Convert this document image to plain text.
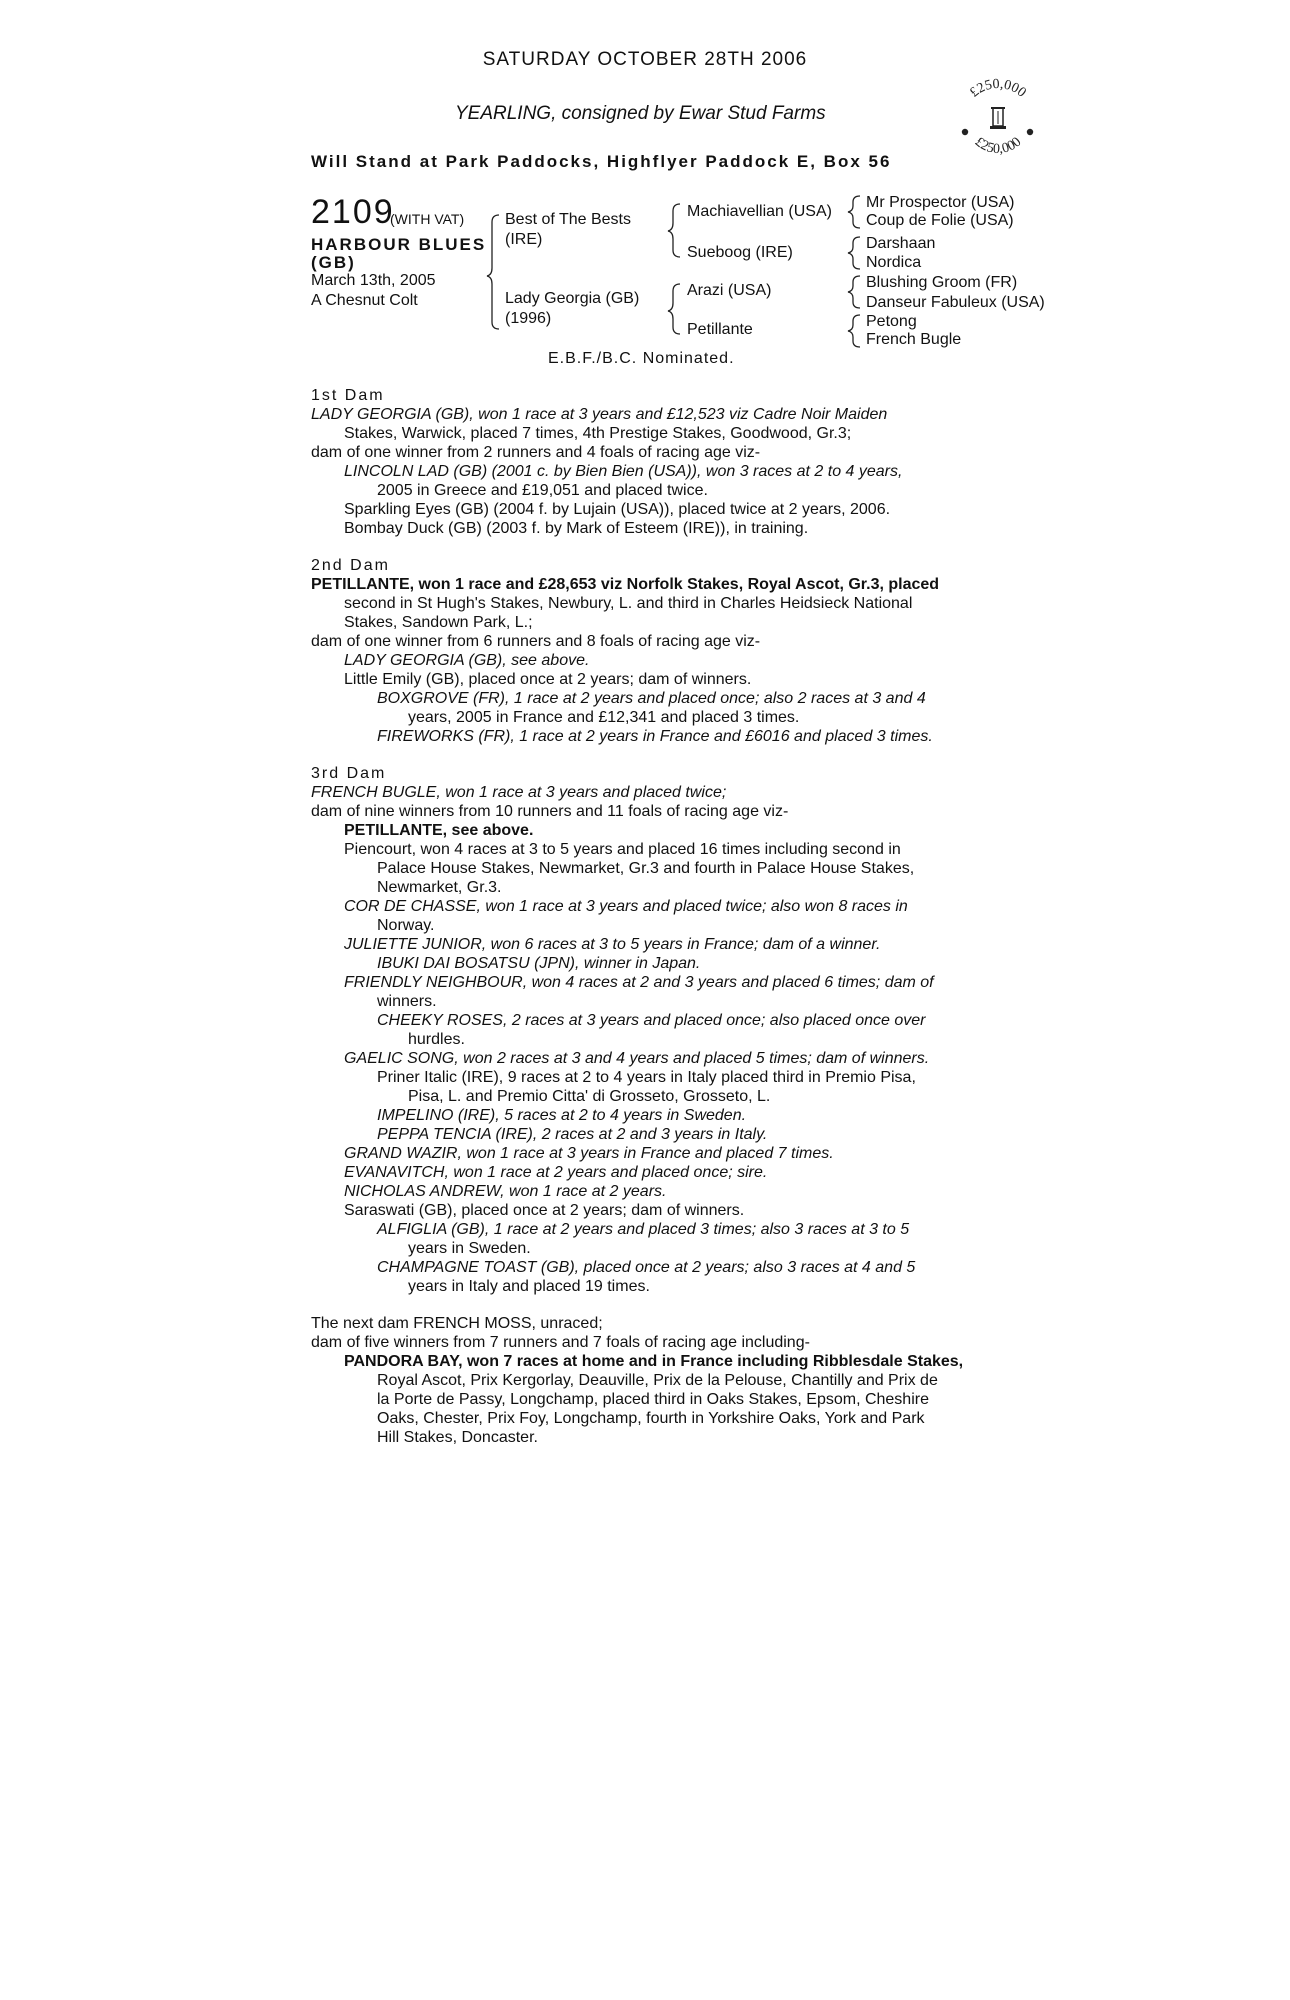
SATURDAY OCTOBER 28TH 2006
YEARLING, consigned by Ewar Stud Farms
Will Stand at Park Paddocks, Highflyer Paddock E, Box 56
£250,000
£250,000
2109
(WITH VAT)
HARBOUR BLUES
(GB)
March 13th, 2005
A Chesnut Colt
Best of The Bests
(IRE)
Lady Georgia (GB)
(1996)
Machiavellian (USA)
Sueboog (IRE)
Arazi (USA)
Petillante
Mr Prospector (USA)
Coup de Folie (USA)
Darshaan
Nordica
Blushing Groom (FR)
Danseur Fabuleux (USA)
Petong
French Bugle
E.B.F./B.C. Nominated.
1st Dam
LADY GEORGIA (GB), won 1 race at 3 years and £12,523 viz Cadre Noir Maiden
Stakes, Warwick, placed 7 times, 4th Prestige Stakes, Goodwood, Gr.3;
dam of one winner from 2 runners and 4 foals of racing age viz-
LINCOLN LAD (GB) (2001 c. by Bien Bien (USA)), won 3 races at 2 to 4 years,
2005 in Greece and £19,051 and placed twice.
Sparkling Eyes (GB) (2004 f. by Lujain (USA)), placed twice at 2 years, 2006.
Bombay Duck (GB) (2003 f. by Mark of Esteem (IRE)), in training.
2nd Dam
PETILLANTE, won 1 race and £28,653 viz Norfolk Stakes, Royal Ascot, Gr.3, placed
second in St Hugh's Stakes, Newbury, L. and third in Charles Heidsieck National
Stakes, Sandown Park, L.;
dam of one winner from 6 runners and 8 foals of racing age viz-
LADY GEORGIA (GB), see above.
Little Emily (GB), placed once at 2 years; dam of winners.
BOXGROVE (FR), 1 race at 2 years and placed once; also 2 races at 3 and 4
years, 2005 in France and £12,341 and placed 3 times.
FIREWORKS (FR), 1 race at 2 years in France and £6016 and placed 3 times.
3rd Dam
FRENCH BUGLE, won 1 race at 3 years and placed twice;
dam of nine winners from 10 runners and 11 foals of racing age viz-
PETILLANTE, see above.
Piencourt, won 4 races at 3 to 5 years and placed 16 times including second in
Palace House Stakes, Newmarket, Gr.3 and fourth in Palace House Stakes,
Newmarket, Gr.3.
COR DE CHASSE, won 1 race at 3 years and placed twice; also won 8 races in
Norway.
JULIETTE JUNIOR, won 6 races at 3 to 5 years in France; dam of a winner.
IBUKI DAI BOSATSU (JPN), winner in Japan.
FRIENDLY NEIGHBOUR, won 4 races at 2 and 3 years and placed 6 times; dam of
winners.
CHEEKY ROSES, 2 races at 3 years and placed once; also placed once over
hurdles.
GAELIC SONG, won 2 races at 3 and 4 years and placed 5 times; dam of winners.
Priner Italic (IRE), 9 races at 2 to 4 years in Italy placed third in Premio Pisa,
Pisa, L. and Premio Citta' di Grosseto, Grosseto, L.
IMPELINO (IRE), 5 races at 2 to 4 years in Sweden.
PEPPA TENCIA (IRE), 2 races at 2 and 3 years in Italy.
GRAND WAZIR, won 1 race at 3 years in France and placed 7 times.
EVANAVITCH, won 1 race at 2 years and placed once; sire.
NICHOLAS ANDREW, won 1 race at 2 years.
Saraswati (GB), placed once at 2 years; dam of winners.
ALFIGLIA (GB), 1 race at 2 years and placed 3 times; also 3 races at 3 to 5
years in Sweden.
CHAMPAGNE TOAST (GB), placed once at 2 years; also 3 races at 4 and 5
years in Italy and placed 19 times.
The next dam FRENCH MOSS, unraced;
dam of five winners from 7 runners and 7 foals of racing age including-
PANDORA BAY, won 7 races at home and in France including Ribblesdale Stakes,
Royal Ascot, Prix Kergorlay, Deauville, Prix de la Pelouse, Chantilly and Prix de
la Porte de Passy, Longchamp, placed third in Oaks Stakes, Epsom, Cheshire
Oaks, Chester, Prix Foy, Longchamp, fourth in Yorkshire Oaks, York and Park
Hill Stakes, Doncaster.
